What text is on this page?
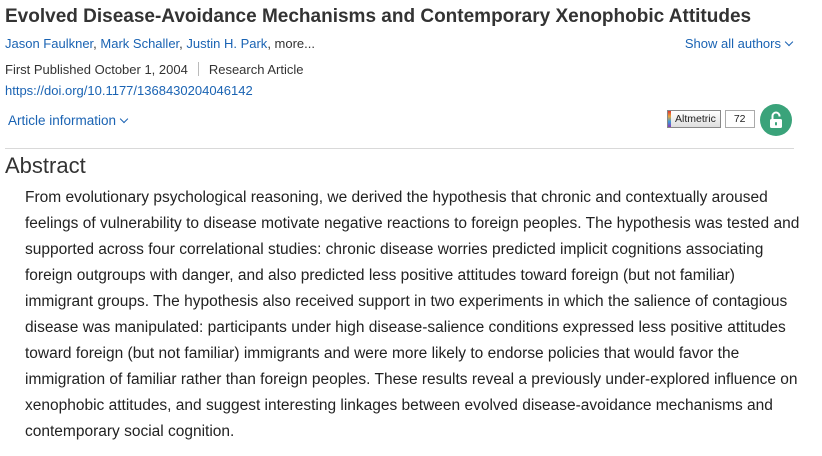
Evolved Disease-Avoidance Mechanisms and Contemporary Xenophobic Attitudes
Jason Faulkner, Mark Schaller, Justin H. Park, more...	Show all authors
First Published October 1, 2004 Research Article
https://doi.org/10.1177/1368430204046142
Article information	Altmetric	72
Abstract

From evolutionary psychological reasoning, we derived the hypothesis that chronic and contextually aroused feelings of vulnerability to disease motivate negative reactions to foreign peoples. The hypothesis was tested and supported across four correlational studies: chronic disease worries predicted implicit cognitions associating foreign outgroups with danger, and also predicted less positive attitudes toward foreign (but not familiar) immigrant groups. The hypothesis also received support in two experiments in which the salience of contagious disease was manipulated: participants under high disease-salience conditions expressed less positive attitudes toward foreign (but not familiar) immigrants and were more likely to endorse policies that would favor the immigration of familiar rather than foreign peoples. These results reveal a previously under-explored influence on xenophobic attitudes, and suggest interesting linkages between evolved disease-avoidance mechanisms and contemporary social cognition.
